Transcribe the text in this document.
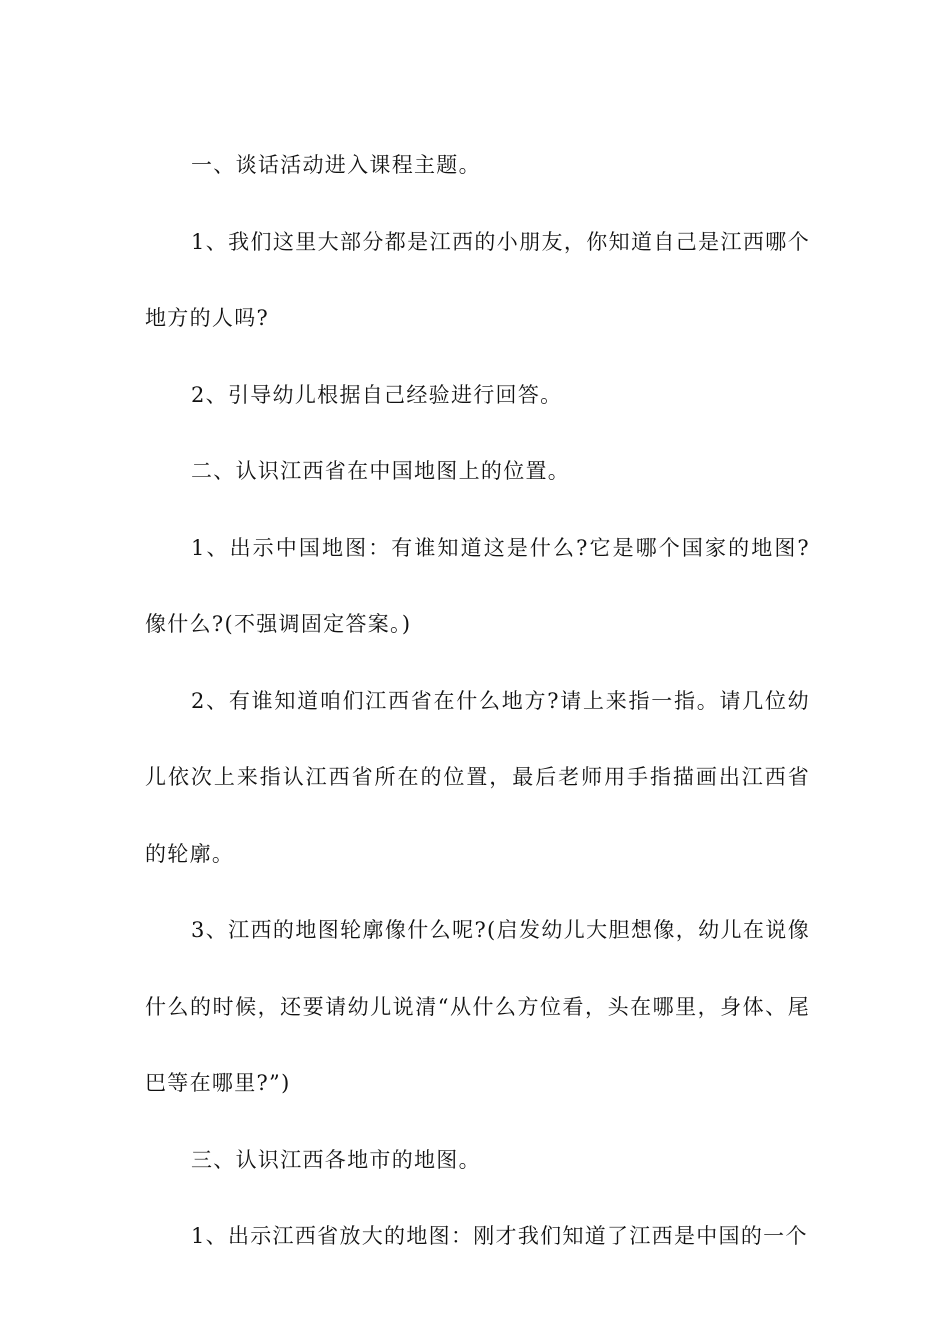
一、谈话活动进入课程主题。

1、我们这里大部分都是江西的小朋友，你知道自己是江西哪个地方的人吗?

2、引导幼儿根据自己经验进行回答。

二、认识江西省在中国地图上的位置。

1、出示中国地图：有谁知道这是什么?它是哪个国家的地图?像什么?(不强调固定答案。)

2、有谁知道咱们江西省在什么地方?请上来指一指。请几位幼儿依次上来指认江西省所在的位置，最后老师用手指描画出江西省的轮廓。

3、江西的地图轮廓像什么呢?(启发幼儿大胆想像，幼儿在说像什么的时候，还要请幼儿说清“从什么方位看，头在哪里，身体、尾巴等在哪里?”)

三、认识江西各地市的地图。

1、出示江西省放大的地图：刚才我们知道了江西是中国的一个
